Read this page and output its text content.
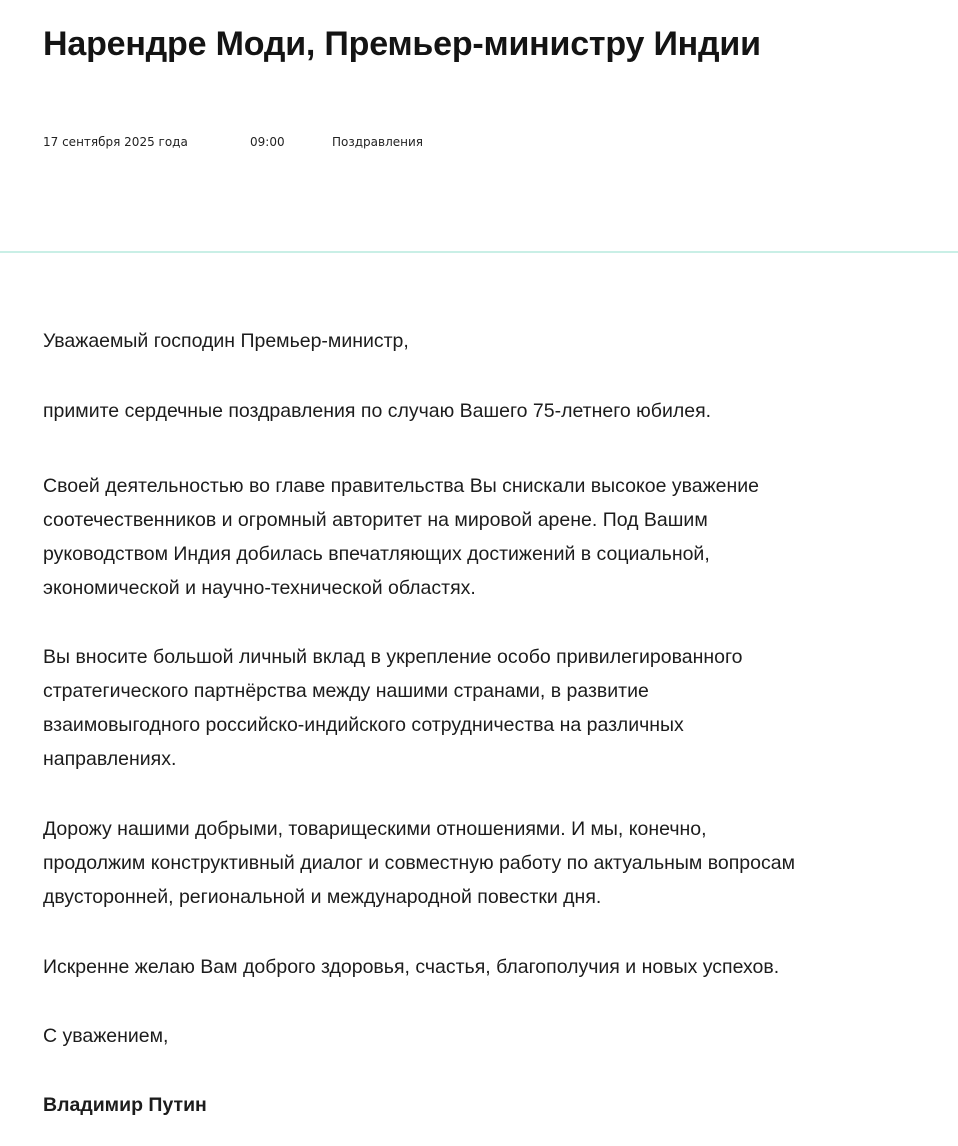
Нарендре Моди, Премьер-министру Индии
17 сентября 2025 года	09:00	Поздравления

Уважаемый господин Премьер-министр,

примите сердечные поздравления по случаю Вашего 75-летнего юбилея.

Своей деятельностью во главе правительства Вы снискали высокое уважение
соотечественников и огромный авторитет на мировой арене. Под Вашим
руководством Индия добилась впечатляющих достижений в социальной,
экономической и научно-технической областях.

Вы вносите большой личный вклад в укрепление особо привилегированного
стратегического партнёрства между нашими странами, в развитие
взаимовыгодного российско-индийского сотрудничества на различных
направлениях.

Дорожу нашими добрыми, товарищескими отношениями. И мы, конечно,
продолжим конструктивный диалог и совместную работу по актуальным вопросам
двусторонней, региональной и международной повестки дня.

Искренне желаю Вам доброго здоровья, счастья, благополучия и новых успехов.

С уважением,

Владимир Путин
